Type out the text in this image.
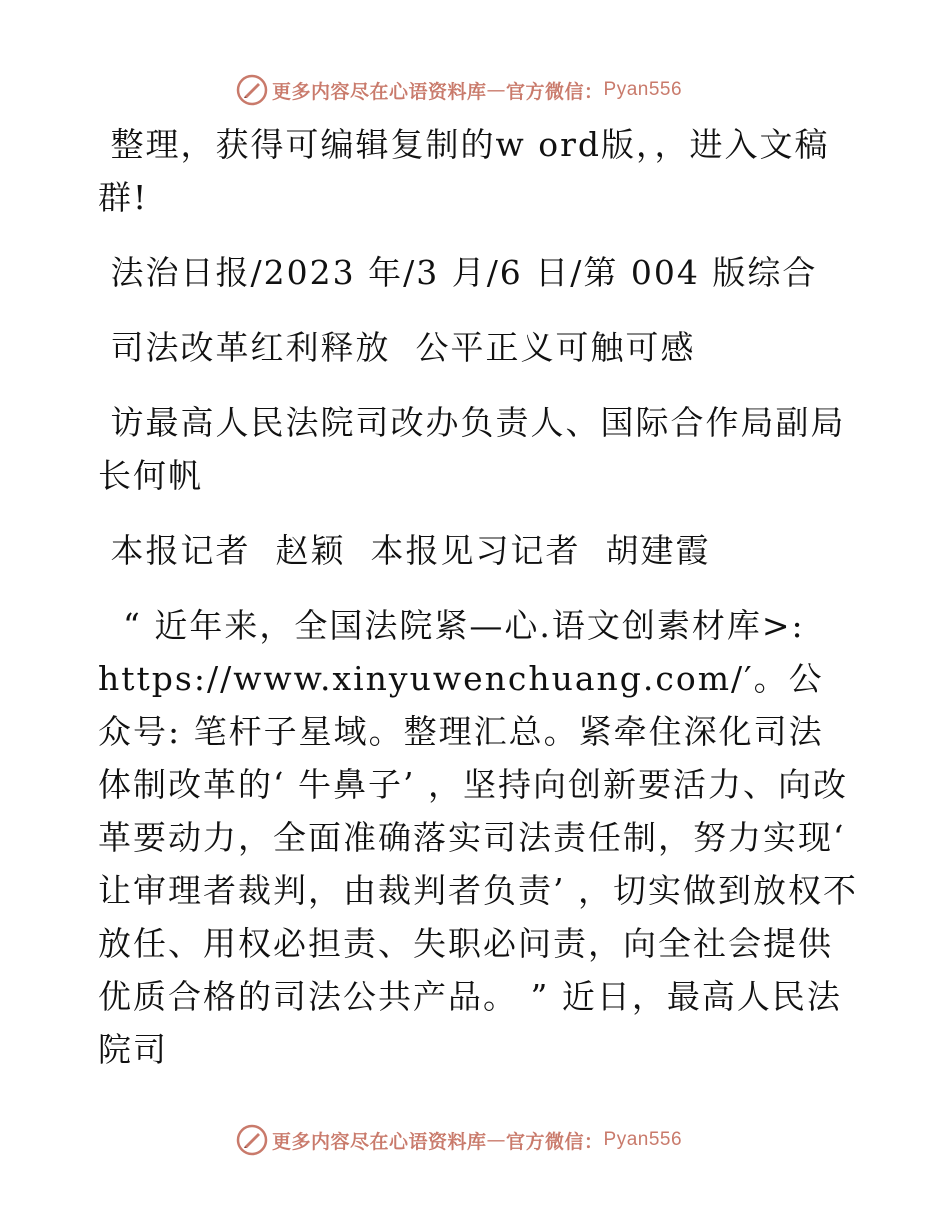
更多内容尽在心语资料库 — 官方微信： Pyan556

整理，获得可编辑复制的w ord版，，进入文稿群!

法治日报/2023 年/3 月/6 日/第 004 版综合

司法改革红利释放  公平正义可触可感

访最高人民法院司改办负责人、国际合作局副局长何帆

本报记者  赵颖  本报见习记者  胡建霞

“ 近年来，全国法院紧—心.语文创素材库>: https://www.xinyuwenchuang.com/′。公众号: 笔杆子星域。整理汇总。紧牵住深化司法体制改革的‘ 牛鼻子’ ，坚持向创新要活力、向改革要动力，全面准确落实司法责任制，努力实现‘ 让审理者裁判，由裁判者负责’ ，切实做到放权不放任、用权必担责、失职必问责，向全社会提供优质合格的司法公共产品。 ” 近日，最高人民法院司

更多内容尽在心语资料库 — 官方微信： Pyan556
